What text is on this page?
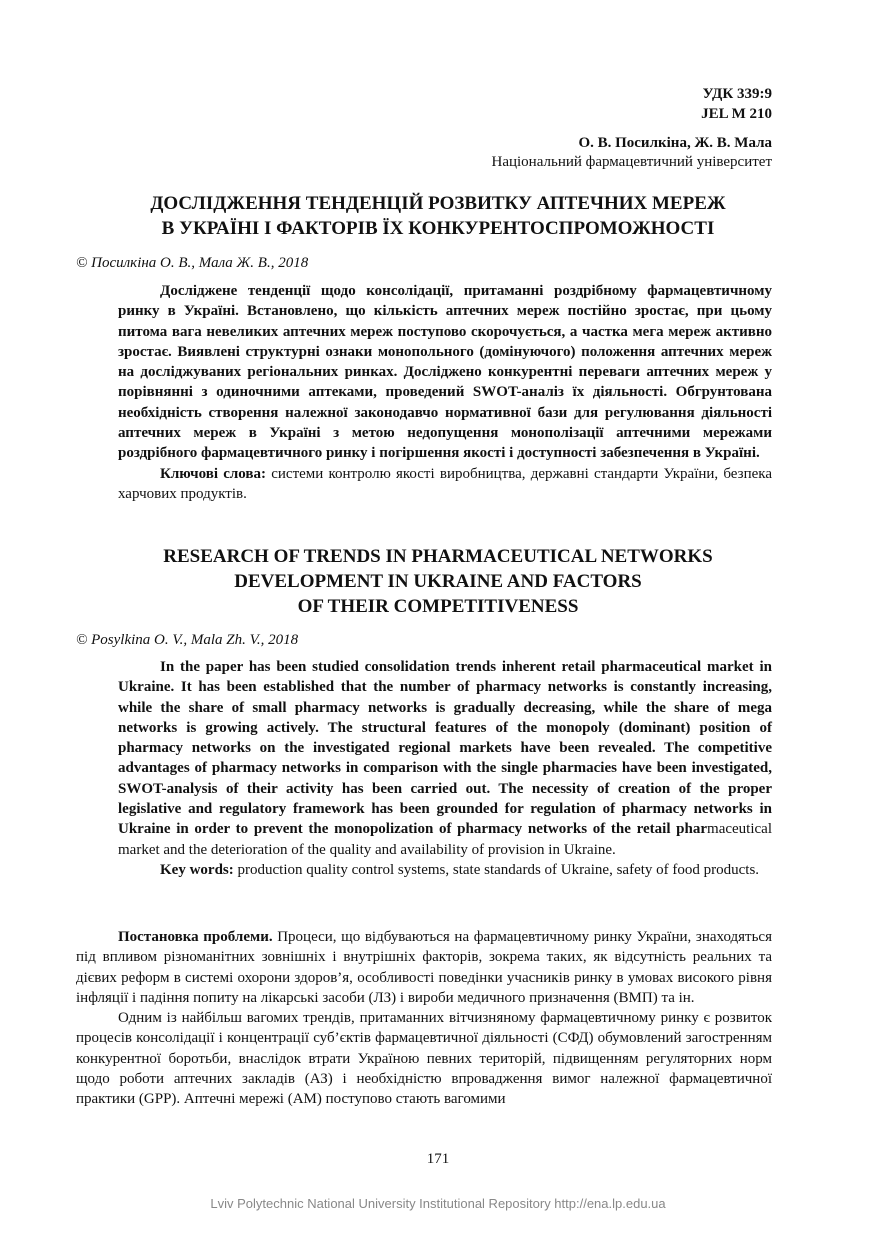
УДК 339:9
JEL M 210
О. В. Посилкіна, Ж. В. Мала
Національний фармацевтичний університет
ДОСЛІДЖЕННЯ ТЕНДЕНЦІЙ РОЗВИТКУ АПТЕЧНИХ МЕРЕЖ
В УКРАЇНІ І ФАКТОРІВ ЇХ КОНКУРЕНТОСПРОМОЖНОСТІ
© Посилкіна О. В., Мала Ж. В., 2018

Досліджене тенденції щодо консолідації, притаманні роздрібному фармацевтичному ринку в Україні. Встановлено, що кількість аптечних мереж постійно зростає, при цьому питома вага невеликих аптечних мереж поступово скорочується, а частка мега мереж активно зростає. Виявлені структурні ознаки монопольного (домінуючого) положення аптечних мереж на досліджуваних регіональних ринках. Досліджено конкурентні переваги аптечних мереж у порівнянні з одиночними аптеками, проведений SWOT-аналіз їх діяльності. Обгрунтована необхідність створення належної законодавчо нормативної бази для регулювання діяльності аптечних мереж в Україні з метою недопущення монополізації аптечними мережами роздрібного фармацевтичного ринку і погіршення якості і доступності забезпечення в Україні.

Ключові слова: системи контролю якості виробництва, державні стандарти України, безпека харчових продуктів.

RESEARCH OF TRENDS IN PHARMACEUTICAL NETWORKS
DEVELOPMENT IN UKRAINE AND FACTORS
OF THEIR COMPETITIVENESS
© Posylkina O. V., Mala Zh. V., 2018

In the paper has been studied consolidation trends inherent retail pharmaceutical market in Ukraine. It has been established that the number of pharmacy networks is constantly increasing, while the share of small pharmacy networks is gradually decreasing, while the share of mega networks is growing actively. The structural features of the monopoly (dominant) position of pharmacy networks on the investigated regional markets have been revealed. The competitive advantages of pharmacy networks in comparison with the single pharmacies have been investigated, SWOT-analysis of their activity has been carried out. The necessity of creation of the proper legislative and regulatory framework has been grounded for regulation of pharmacy networks in Ukraine in order to prevent the monopolization of pharmacy networks of the retail pharmaceutical market and the deterioration of the quality and availability of provision in Ukraine.

Key words: production quality control systems, state standards of Ukraine, safety of food products.

Постановка проблеми. Процеси, що відбуваються на фармацевтичному ринку України, знаходяться під впливом різноманітних зовнішніх і внутрішніх факторів, зокрема таких, як відсутність реальних та дієвих реформ в системі охорони здоров’я, особливості поведінки учасників ринку в умовах високого рівня інфляції і падіння попиту на лікарські засоби (ЛЗ) і вироби медичного призначення (ВМП) та ін.

Одним із найбільш вагомих трендів, притаманних вітчизняному фармацевтичному ринку є розвиток процесів консолідації і концентрації суб’єктів фармацевтичної діяльності (СФД) обумовлений загостренням конкурентної боротьби, внаслідок втрати Україною певних територій, підвищенням регуляторних норм щодо роботи аптечних закладів (АЗ) і необхідністю впровадження вимог належної фармацевтичної практики (GPP). Аптечні мережі (АМ) поступово стають вагомими

171
Lviv Polytechnic National University Institutional Repository http://ena.lp.edu.ua
